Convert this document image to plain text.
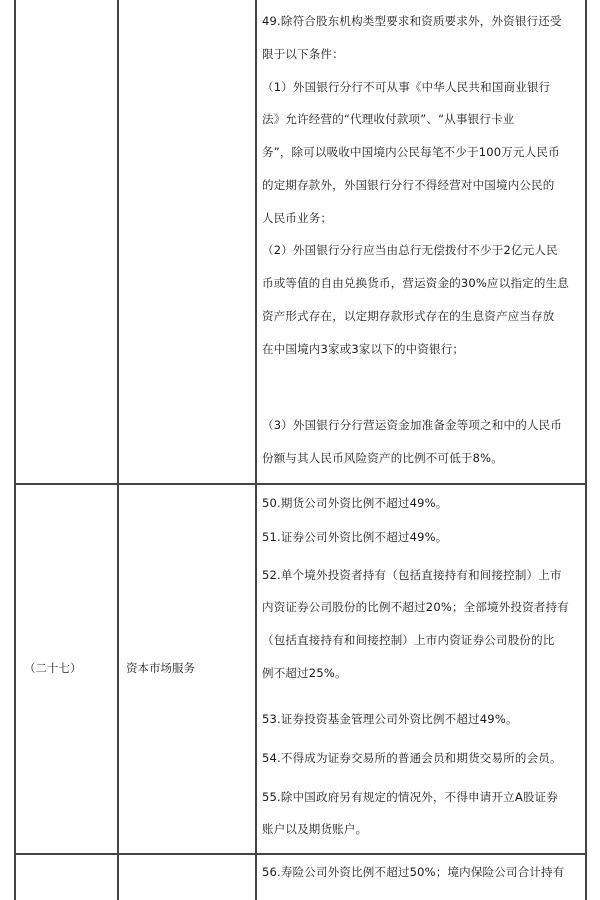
49.除符合股东机构类型要求和资质要求外，外资银行还受
限于以下条件：
（1）外国银行分行不可从事《中华人民共和国商业银行
法》允许经营的“代理收付款项”、“从事银行卡业
务”，除可以吸收中国境内公民每笔不少于100万元人民币
的定期存款外，外国银行分行不得经营对中国境内公民的
人民币业务；
（2）外国银行分行应当由总行无偿拨付不少于2亿元人民
币或等值的自由兑换货币，营运资金的30%应以指定的生息
资产形式存在，以定期存款形式存在的生息资产应当存放
在中国境内3家或3家以下的中资银行；
（3）外国银行分行营运资金加准备金等项之和中的人民币
份额与其人民币风险资产的比例不可低于8%。
（二十七）	资本市场服务
50.期货公司外资比例不超过49%。
51.证券公司外资比例不超过49%。
52.单个境外投资者持有（包括直接持有和间接控制）上市
内资证券公司股份的比例不超过20%；全部境外投资者持有
（包括直接持有和间接控制）上市内资证券公司股份的比
例不超过25%。
53.证券投资基金管理公司外资比例不超过49%。
54.不得成为证券交易所的普通会员和期货交易所的会员。
55.除中国政府另有规定的情况外，不得申请开立A股证券
账户以及期货账户。
56.寿险公司外资比例不超过50%；境内保险公司合计持有
